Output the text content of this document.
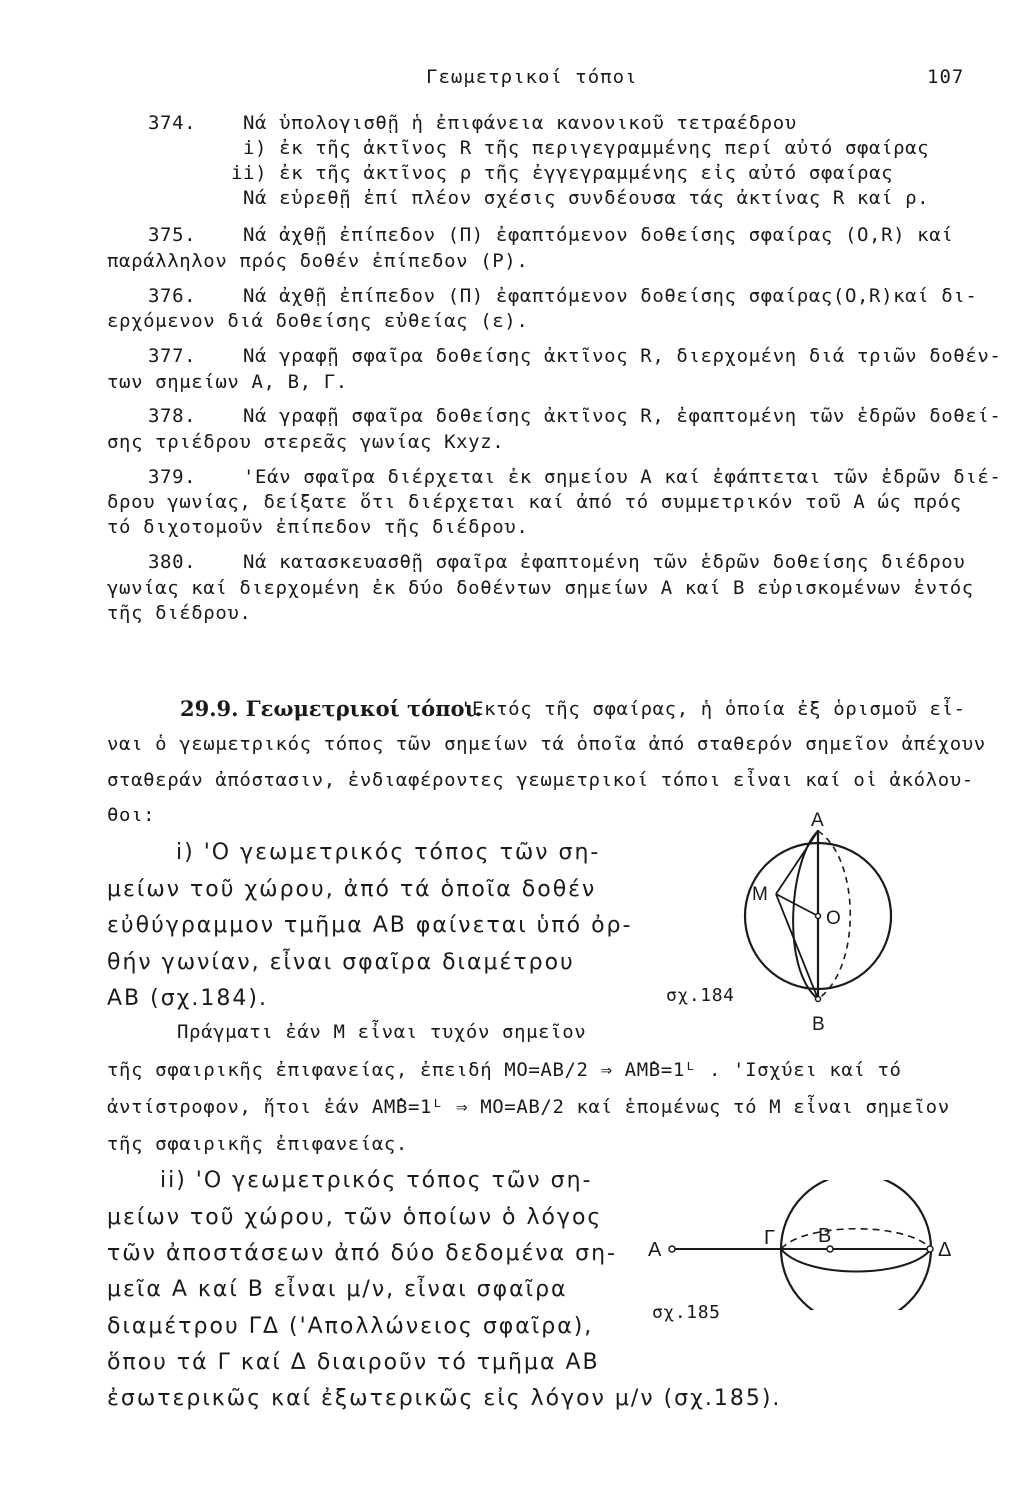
Γεωμετρικοί τόποι	107
374. Νά ὑπολογισθῇ ἡ ἐπιφάνεια κανονικοῦ τετραέδρου
i) ἐκ τῆς ἀκτῖνος R τῆς περιγεγραμμένης περί αὐτό σφαίρας
ii) ἐκ τῆς ἀκτῖνος ρ τῆς ἐγγεγραμμένης εἰς αὐτό σφαίρας
Νά εὑρεθῇ ἐπί πλέον σχέσις συνδέουσα τάς ἀκτίνας R καί ρ.
375. Νά ἀχθῇ ἐπίπεδον (Π) ἐφαπτόμενον δοθείσης σφαίρας (O,R) καί
παράλληλον πρός δοθέν ἐπίπεδον (P).
376. Νά ἀχθῇ ἐπίπεδον (Π) ἐφαπτόμενον δοθείσης σφαίρας(O,R)καί δι-
ερχόμενον διά δοθείσης εὐθείας (ε).
377. Νά γραφῇ σφαῖρα δοθείσης ἀκτῖνος R, διερχομένη διά τριῶν δοθέν-
των σημείων Α, Β, Γ.
378. Νά γραφῇ σφαῖρα δοθείσης ἀκτῖνος R, ἐφαπτομένη τῶν ἑδρῶν δοθεί-
σης τριέδρου στερεᾶς γωνίας Kxyz.
379. 'Εάν σφαῖρα διέρχεται ἐκ σημείου Α καί ἐφάπτεται τῶν ἑδρῶν διέ-
δρου γωνίας, δείξατε ὅτι διέρχεται καί ἀπό τό συμμετρικόν τοῦ Α ώς πρός
τό διχοτομοῦν ἐπίπεδον τῆς διέδρου.
380. Νά κατασκευασθῇ σφαῖρα ἐφαπτομένη τῶν ἑδρῶν δοθείσης διέδρου
γωνίας καί διερχομένη ἐκ δύο δοθέντων σημείων Α καί Β εὑρισκομένων ἐντός
τῆς διέδρου.
29.9. Γεωμετρικοί τόποι.
'Εκτός τῆς σφαίρας, ἡ ὁποία ἐξ ὁρισμοῦ εἶ-
ναι ὁ γεωμετρικός τόπος τῶν σημείων τά ὁποῖα ἀπό σταθερόν σημεῖον ἀπέχουν
σταθεράν ἀπόστασιν, ἐνδιαφέροντες γεωμετρικοί τόποι εἶναι καί οἱ ἀκόλου-
θοι:
i) 'Ο γεωμετρικός τόπος τῶν ση-
μείων τοῦ χώρου, ἀπό τά ὁποῖα δοθέν
εὐθύγραμμον τμῆμα ΑΒ φαίνεται ὑπό ὀρ-
θήν γωνίαν, εἶναι σφαῖρα διαμέτρου
ΑΒ (σχ.184).
A
M
O
B
σχ.184
Πράγματι ἐάν Μ εἶναι τυχόν σημεῖον
τῆς σφαιρικῆς ἐπιφανείας, ἐπειδή ΜΟ=ΑΒ/2 ⇒ ΑΜ̂Β=1ᴸ . 'Ισχύει καί τό
ἀντίστροφον, ἤτοι ἐάν ΑΜ̂Β=1ᴸ ⇒ ΜΟ=ΑΒ/2 καί ἑπομένως τό Μ εἶναι σημεῖον
τῆς σφαιρικῆς ἐπιφανείας.
ii) 'Ο γεωμετρικός τόπος τῶν ση-
μείων τοῦ χώρου, τῶν ὁποίων ὁ λόγος
τῶν ἀποστάσεων ἀπό δύο δεδομένα ση-
μεῖα Α καί Β εἶναι μ/ν, εἶναι σφαῖρα
διαμέτρου ΓΔ ('Απολλώνειος σφαῖρα),
ὅπου τά Γ καί Δ διαιροῦν τό τμῆμα ΑΒ
ἐσωτερικῶς καί ἐξωτερικῶς εἰς λόγον μ/ν (σχ.185).
A
Γ B
Δ
σχ.185
